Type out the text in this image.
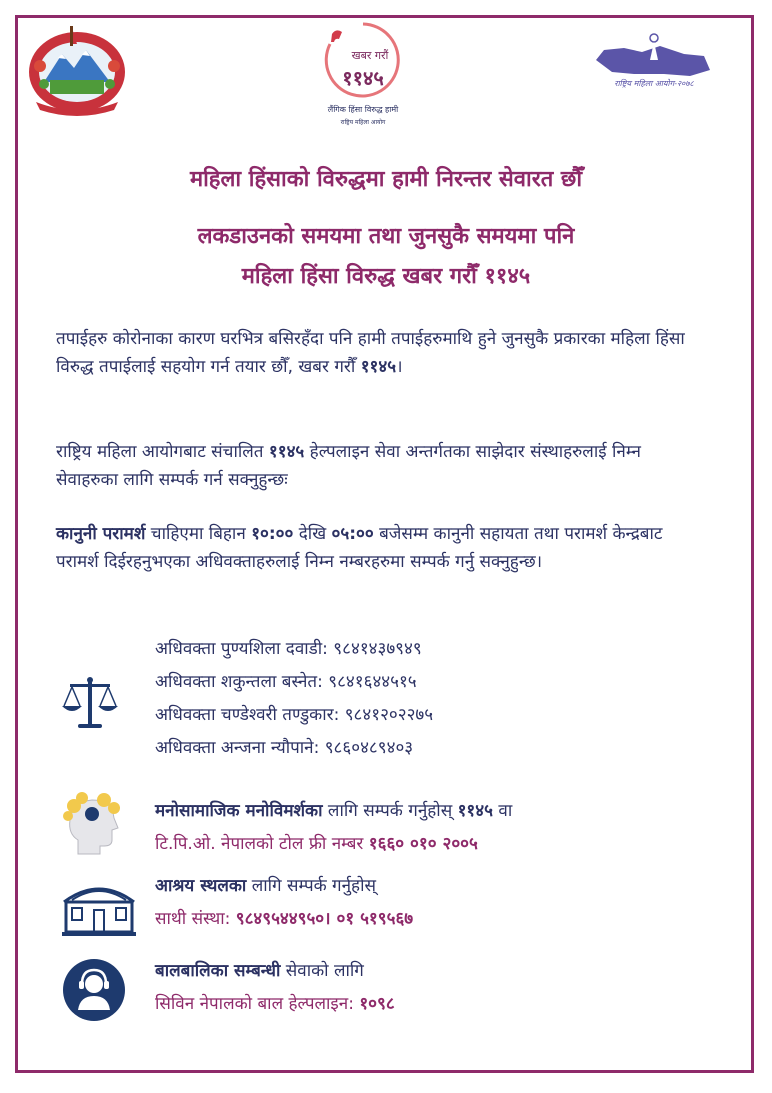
खबर गरौं
११४५
लैंगिक हिंसा विरुद्ध हामी
राष्ट्रिय महिला आयोग
राष्ट्रिय महिला आयोग-२०७८
महिला हिंसाको विरुद्धमा हामी निरन्तर सेवारत छौँ
लकडाउनको समयमा तथा जुनसुकै समयमा पनि
महिला हिंसा विरुद्ध खबर गरौँ ११४५
तपाईहरु कोरोनाका कारण घरभित्र बसिरहँदा पनि हामी तपाईहरुमाथि हुने जुनसुकै प्रकारका महिला हिंसा विरुद्ध तपाईलाई सहयोग गर्न तयार छौँ, खबर गरौँ ११४५।
राष्ट्रिय महिला आयोगबाट संचालित ११४५ हेल्पलाइन सेवा अन्तर्गतका साझेदार संस्थाहरुलाई निम्न सेवाहरुका लागि सम्पर्क गर्न सक्नुहुन्छः
कानुनी परामर्श चाहिएमा बिहान १०:०० देखि ०५:०० बजेसम्म कानुनी सहायता तथा परामर्श केन्द्रबाट परामर्श दिईरहनुभएका अधिवक्ताहरुलाई निम्न नम्बरहरुमा सम्पर्क गर्नु सक्नुहुन्छ।
अधिवक्ता पुण्यशिला दवाडी: ९८४१४३७९४९
अधिवक्ता शकुन्तला बस्नेत: ९८४१६४४५१५
अधिवक्ता चण्डेश्वरी तण्डुकार: ९८४१२०२२७५
अधिवक्ता अन्जना न्यौपाने: ९८६०४८९४०३
मनोसामाजिक मनोविमर्शका लागि सम्पर्क गर्नुहोस् ११४५ वा
टि.पि.ओ. नेपालको टोल फ्री नम्बर १६६० ०१० २००५
आश्रय स्थलका लागि सम्पर्क गर्नुहोस्
साथी संस्था: ९८४९५४४९५०। ०१ ५१९५६७
बालबालिका सम्बन्धी सेवाको लागि
सिविन नेपालको बाल हेल्पलाइन: १०९८
